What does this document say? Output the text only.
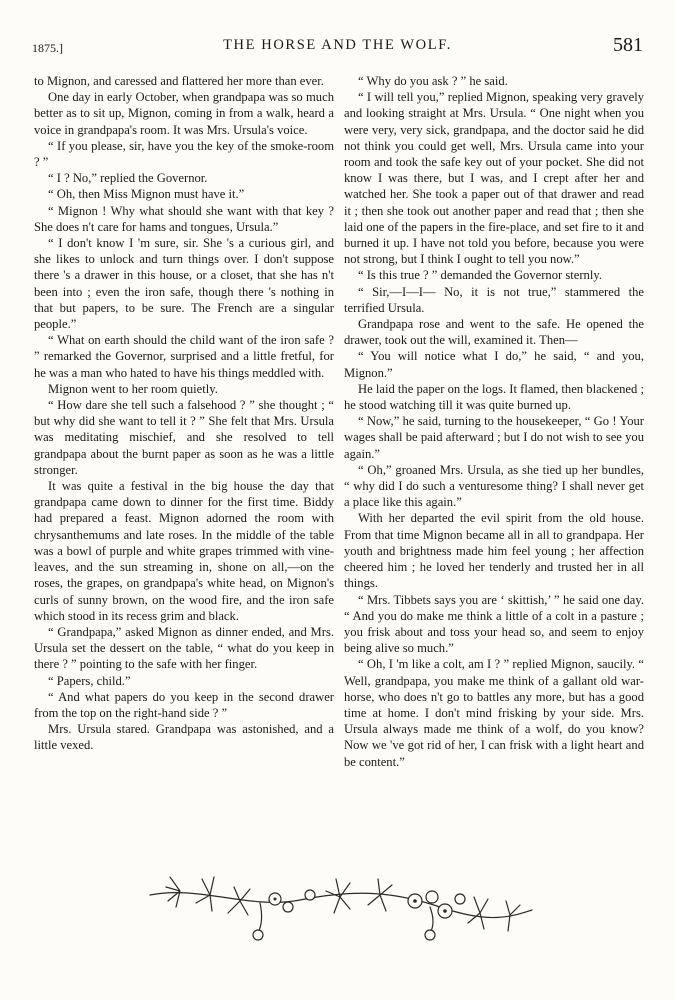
1875.]	THE HORSE AND THE WOLF.	581

to Mignon, and caressed and flattered her more than ever.

One day in early October, when grandpapa was so much better as to sit up, Mignon, coming in from a walk, heard a voice in grandpapa's room. It was Mrs. Ursula's voice.

“ If you please, sir, have you the key of the smoke-room ? ”

“ I ? No,” replied the Governor.

“ Oh, then Miss Mignon must have it.”

“ Mignon ! Why what should she want with that key ? She does n't care for hams and tongues, Ursula.”

“ I don't know I 'm sure, sir. She 's a curious girl, and she likes to unlock and turn things over. I don't suppose there 's a drawer in this house, or a closet, that she has n't been into ; even the iron safe, though there 's nothing in that but papers, to be sure. The French are a singular people.”

“ What on earth should the child want of the iron safe ? ” remarked the Governor, surprised and a little fretful, for he was a man who hated to have his things meddled with.

Mignon went to her room quietly.

“ How dare she tell such a falsehood ? ” she thought ; “ but why did she want to tell it ? ” She felt that Mrs. Ursula was meditating mischief, and she resolved to tell grandpapa about the burnt paper as soon as he was a little stronger.

It was quite a festival in the big house the day that grandpapa came down to dinner for the first time. Biddy had prepared a feast. Mignon adorned the room with chrysanthemums and late roses. In the middle of the table was a bowl of purple and white grapes trimmed with vine-leaves, and the sun streaming in, shone on all,—on the roses, the grapes, on grandpapa's white head, on Mignon's curls of sunny brown, on the wood fire, and the iron safe which stood in its recess grim and black.

“ Grandpapa,” asked Mignon as dinner ended, and Mrs. Ursula set the dessert on the table, “ what do you keep in there ? ” pointing to the safe with her finger.

“ Papers, child.”

“ And what papers do you keep in the second drawer from the top on the right-hand side ? ”

Mrs. Ursula stared. Grandpapa was astonished, and a little vexed.

“ Why do you ask ? ” he said.

“ I will tell you,” replied Mignon, speaking very gravely and looking straight at Mrs. Ursula. “ One night when you were very, very sick, grandpapa, and the doctor said he did not think you could get well, Mrs. Ursula came into your room and took the safe key out of your pocket. She did not know I was there, but I was, and I crept after her and watched her. She took a paper out of that drawer and read it ; then she took out another paper and read that ; then she laid one of the papers in the fire-place, and set fire to it and burned it up. I have not told you before, because you were not strong, but I think I ought to tell you now.”

“ Is this true ? ” demanded the Governor sternly.

“ Sir,—I—I— No, it is not true,” stammered the terrified Ursula.

Grandpapa rose and went to the safe. He opened the drawer, took out the will, examined it. Then—

“ You will notice what I do,” he said, “ and you, Mignon.”

He laid the paper on the logs. It flamed, then blackened ; he stood watching till it was quite burned up.

“ Now,” he said, turning to the housekeeper, “ Go ! Your wages shall be paid afterward ; but I do not wish to see you again.”

“ Oh,” groaned Mrs. Ursula, as she tied up her bundles, “ why did I do such a venturesome thing? I shall never get a place like this again.”

With her departed the evil spirit from the old house. From that time Mignon became all in all to grandpapa. Her youth and brightness made him feel young ; her affection cheered him ; he loved her tenderly and trusted her in all things.

“ Mrs. Tibbets says you are ‘ skittish,’ ” he said one day. “ And you do make me think a little of a colt in a pasture ; you frisk about and toss your head so, and seem to enjoy being alive so much.”

“ Oh, I 'm like a colt, am I ? ” replied Mignon, saucily. “ Well, grandpapa, you make me think of a gallant old war-horse, who does n't go to battles any more, but has a good time at home. I don't mind frisking by your side. Mrs. Ursula always made me think of a wolf, do you know? Now we 've got rid of her, I can frisk with a light heart and be content.”
